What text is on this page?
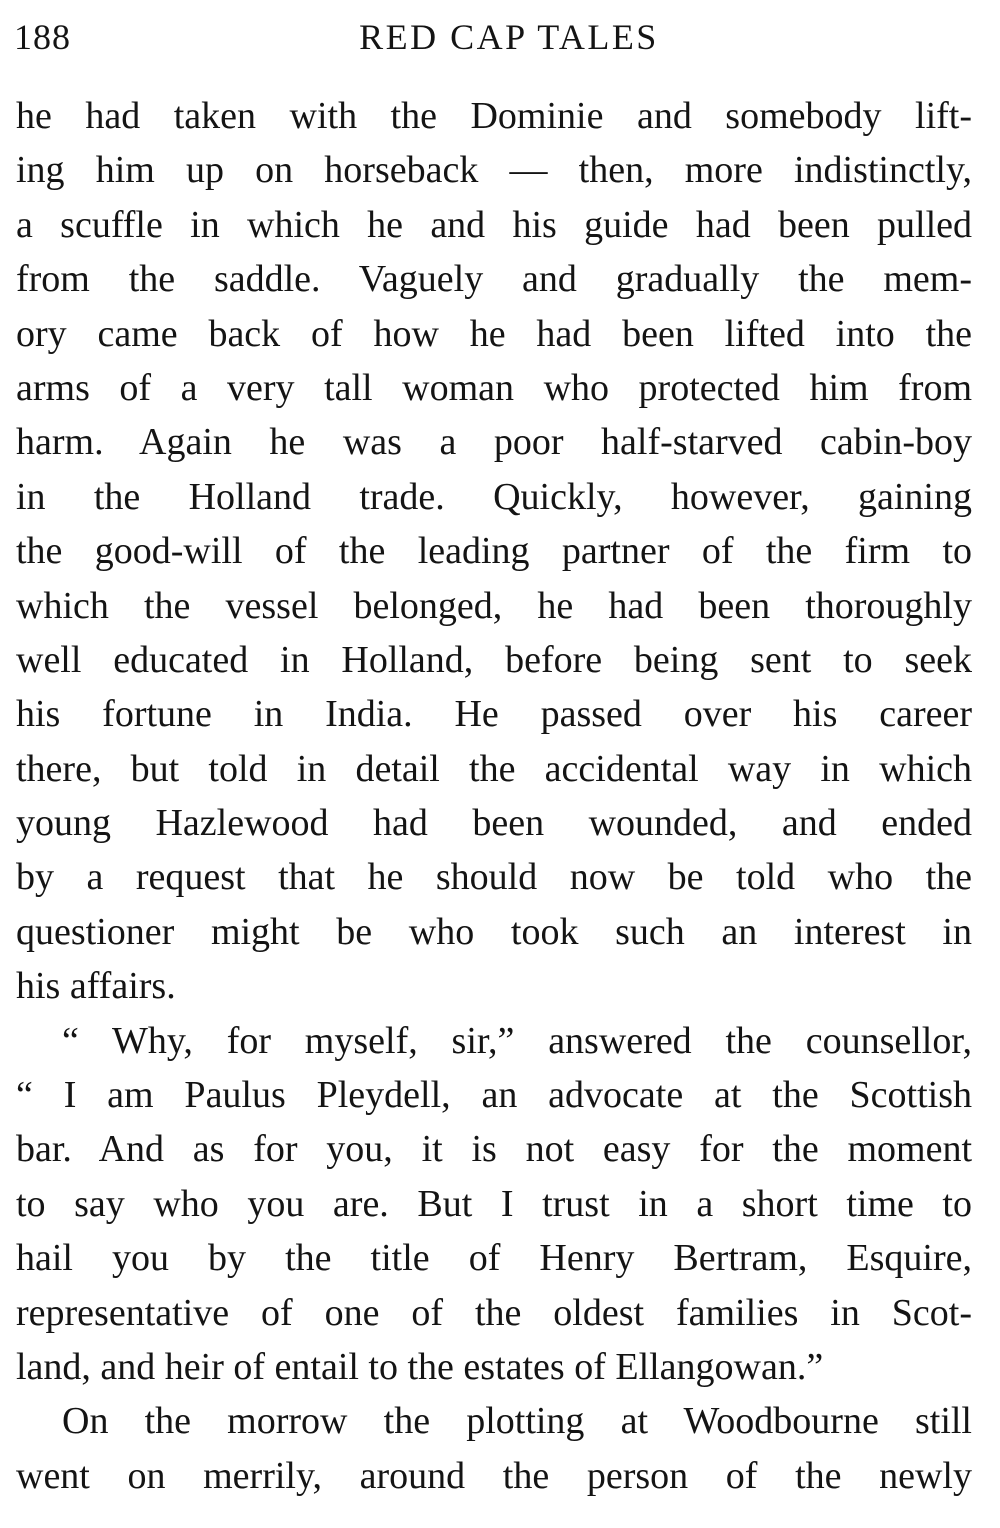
188	RED CAP TALES
he had taken with the Dominie and somebody lift-
ing him up on horseback — then, more indistinctly,
a scuffle in which he and his guide had been pulled
from the saddle. Vaguely and gradually the mem-
ory came back of how he had been lifted into the
arms of a very tall woman who protected him from
harm. Again he was a poor half-starved cabin-boy
in the Holland trade. Quickly, however, gaining
the good-will of the leading partner of the firm to
which the vessel belonged, he had been thoroughly
well educated in Holland, before being sent to seek
his fortune in India. He passed over his career
there, but told in detail the accidental way in which
young Hazlewood had been wounded, and ended
by a request that he should now be told who the
questioner might be who took such an interest in
his affairs.
“ Why, for myself, sir,” answered the counsellor,
“ I am Paulus Pleydell, an advocate at the Scottish
bar. And as for you, it is not easy for the moment
to say who you are. But I trust in a short time to
hail you by the title of Henry Bertram, Esquire,
representative of one of the oldest families in Scot-
land, and heir of entail to the estates of Ellangowan.”
On the morrow the plotting at Woodbourne still
went on merrily, around the person of the newly
